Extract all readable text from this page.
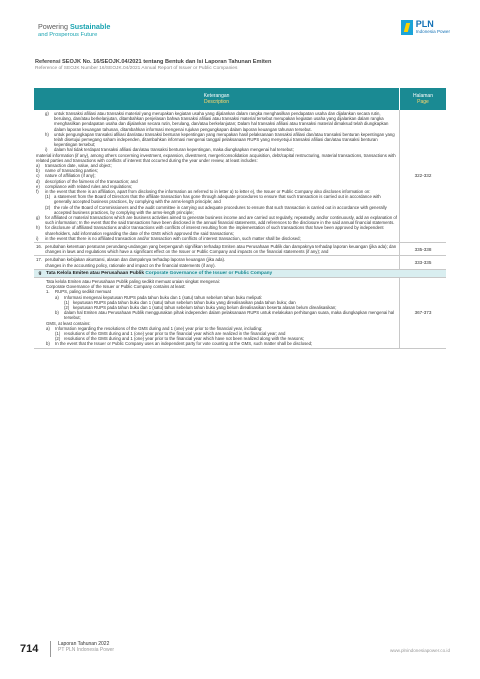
Powering Sustainable
and Prosperous Future
PLN
Indonesia Power
Referensi SEOJK No. 16/SEOJK.04/2021 tentang Bentuk dan Isi Laporan Tahunan Emiten
Reference of SEOJK Number 16/SEOJK.04/2021 Annual Report of Issuer or Public Companies
Keterangan
Description
Halaman
Page
g)	untuk transaksi afiliasi atau transaksi material yang merupakan kegiatan usaha yang dijalankan dalam rangka menghasilkan pendapatan usaha dan dijalankan secara rutin, berulang, dan/atau berkelanjutan, ditambahkan penjelasan bahwa transaksi afiliasi atau transaksi material tersebut merupakan kegiatan usaha yang dijalankan dalam rangka menghasilkan pendapatan usaha dan dijalankan secara rutin, berulang, dan/atau berkelanjutan; Dalam hal transaksi afiliasi atau transaksi material dimaksud telah diungkapkan dalam laporan keuangan tahunan, ditambahkan informasi mengenai rujukan pengungkapan dalam laporan keuangan tahunan tersebut.
h)	untuk pengungkapan transaksi afiliasi dan/atau transaksi benturan kepentingan yang merupakan hasil pelaksanaan transaksi afiliasi dan/atau transaksi benturan kepentingan yang telah disetujui pemegang saham independen, ditambahkan informasi mengenai tanggal pelaksanaan RUPS yang menyetujui transaksi afiliasi dan/atau transaksi benturan kepentingan tersebut;
i)	dalam hal tidak terdapat transaksi afiliasi dan/atau transaksi benturan kepentingan, maka diungkapkan mengenai hal tersebut;
material information (if any), among others concerning investment, expansion, divestment, merger/consolidation acquisition, debt/capital restructuring, material transactions, transactions with related parties and transactions with conflicts of interest that occurred during the year under review, at least includes:
a)	transaction date, value, and object;
b)	name of transacting parties;
c)	nature of affiliation (if any);
d)	description of the fairness of the transaction; and
e)	compliance with related rules and regulations;
f)	in the event that there is an affiliation, apart from disclosing the information as referred to in letter a) to letter e), the Issuer or Public Company also discloses information on:
(1) a statement from the Board of Directors that the affiliate transaction has gone through adequate procedures to ensure that such transaction is carried out in accordance with generally accepted business practices, by complying with the arms-length principle; and
(2) the role of the Board of Commissioners and the audit committee in carrying out adequate procedures to ensure that such transaction is carried out in accordance with generally accepted business practices, by complying with the arms-length principle;
g)	for affiliated or material transactions which are business activities aimed to generate business income and are carried out regularly, repeatedly, and/or continuously, add an explanation of such information; In the event that the said transactions have been disclosed in the annual financial statements, add references to the disclosure in the said annual financial statements.
h)	for disclosure of affiliated transactions and/or transactions with conflicts of interest resulting from the implementation of such transactions that have been approved by independent shareholders, add information regarding the date of the GMS which approved the said transactions;
i)	in the event that there is no affiliated transaction and/or transaction with conflicts of interest transaction, such matter shall be disclosed;
322-332
16. perubahan ketentuan peraturan perundang-undangan yang berpengaruh signifikan terhadap Emiten atau Perusahaan Publik dan dampaknya terhadap laporan keuangan (jika ada); dan
changes in laws and regulations which have a significant effect on the Issuer or Public Company and impacts on the financial statements (if any); and
335-338
17. perubahan kebijakan akuntansi, alasan dan dampaknya terhadap laporan keuangan (jika ada).
changes in the accounting policy, rationale and impact on the financial statements (if any).
333-335
g Tata Kelola Emiten atau Perusahaan Publik Corporate Governance of the Issuer or Public Company
Tata kelola Emiten atau Perusahaan Publik paling sedikit memuat uraian singkat mengenai:
Corporate Governance of the Issuer or Public Company contains at least:
1.	RUPS, paling sedikit memuat
a)	Informasi mengenai keputusan RUPS pada tahun buku dan 1 (satu) tahun sebelum tahun buku meliputi:
(1) keputusan RUPS pada tahun buku dan 1 (satu) tahun sebelum tahun buku yang direalisasikan pada tahun buku; dan
(2) keputusan RUPS pada tahun buku dan 1 (satu) tahun sebelum tahun buku yang belum direalisasikan beserta alasan belum direalisasikan;
b)	dalam hal Emiten atau Perusahaan Publik menggunakan pihak independen dalam pelaksanaan RUPS untuk melakukan perhitungan suara, maka diungkapkan mengenai hal tersebut;
GMS, at least contains:
a)	Information regarding the resolutions of the GMS during and 1 (one) year prior to the financial year, including:
(1) resolutions of the GMS during and 1 (one) year prior to the financial year which are realized in the financial year; and
(2) resolutions of the GMS during and 1 (one) year prior to the financial year which have not been realized along with the reasons;
b)	In the event that the Issuer or Public Company uses an independent party for vote counting at the GMS, such matter shall be disclosed;
367-373
714	Laporan Tahunan 2022
PT PLN Indonesia Power	www.plnindonesiapower.co.id
